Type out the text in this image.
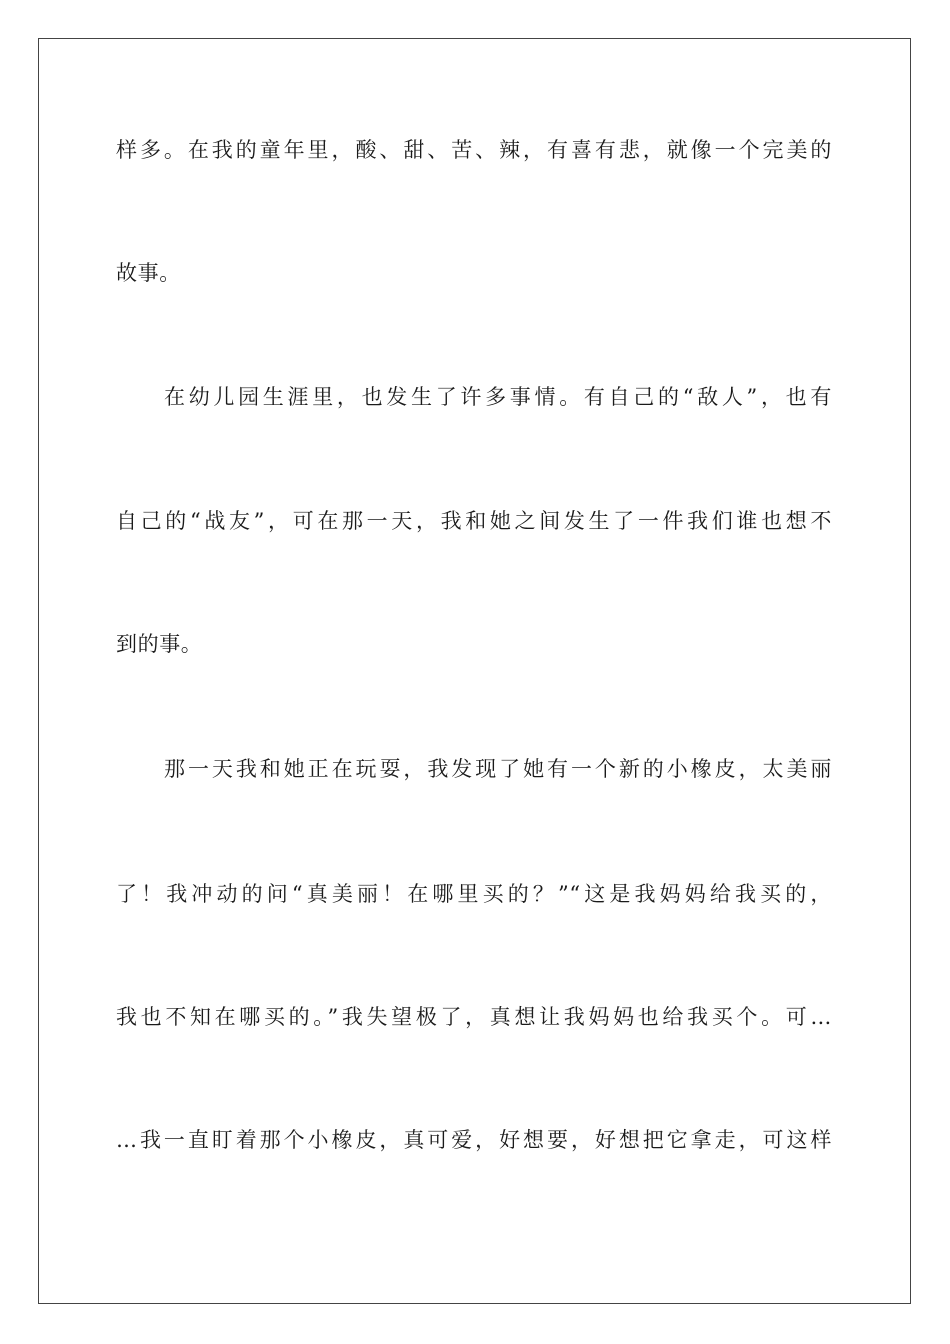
样多。在我的童年里，酸、甜、苦、辣，有喜有悲，就像一个完美的
故事。
在幼儿园生涯里，也发生了许多事情。有自己的“敌人”，也有
自己的“战友”，可在那一天，我和她之间发生了一件我们谁也想不
到的事。
那一天我和她正在玩耍，我发现了她有一个新的小橡皮，太美丽
了！我冲动的问“真美丽！在哪里买的？”“这是我妈妈给我买的，
我也不知在哪买的。”我失望极了，真想让我妈妈也给我买个。可…
…我一直盯着那个小橡皮，真可爱，好想要，好想把它拿走，可这样
